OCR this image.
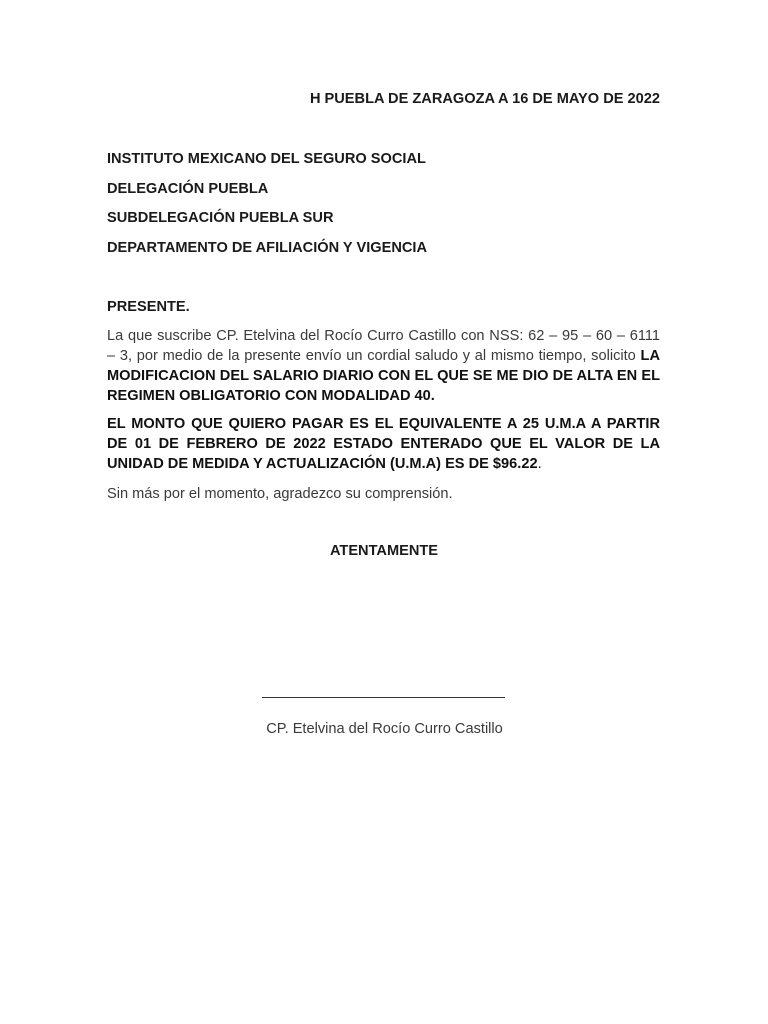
H PUEBLA DE ZARAGOZA A 16 DE MAYO DE 2022
INSTITUTO MEXICANO DEL SEGURO SOCIAL
DELEGACIÓN PUEBLA
SUBDELEGACIÓN PUEBLA SUR
DEPARTAMENTO DE AFILIACIÓN Y VIGENCIA
PRESENTE.
La que suscribe CP. Etelvina del Rocío Curro Castillo con NSS: 62 – 95 – 60 – 6111 – 3, por medio de la presente envío un cordial saludo y al mismo tiempo, solicito LA MODIFICACION DEL SALARIO DIARIO CON EL QUE SE ME DIO DE ALTA EN EL REGIMEN OBLIGATORIO CON MODALIDAD 40.
EL MONTO QUE QUIERO PAGAR ES EL EQUIVALENTE A 25 U.M.A A PARTIR DE 01 DE FEBRERO DE 2022 ESTADO ENTERADO QUE EL VALOR DE LA UNIDAD DE MEDIDA Y ACTUALIZACIÓN (U.M.A) ES DE $96.22.
Sin más por el momento, agradezco su comprensión.
ATENTAMENTE
CP. Etelvina del Rocío Curro Castillo
